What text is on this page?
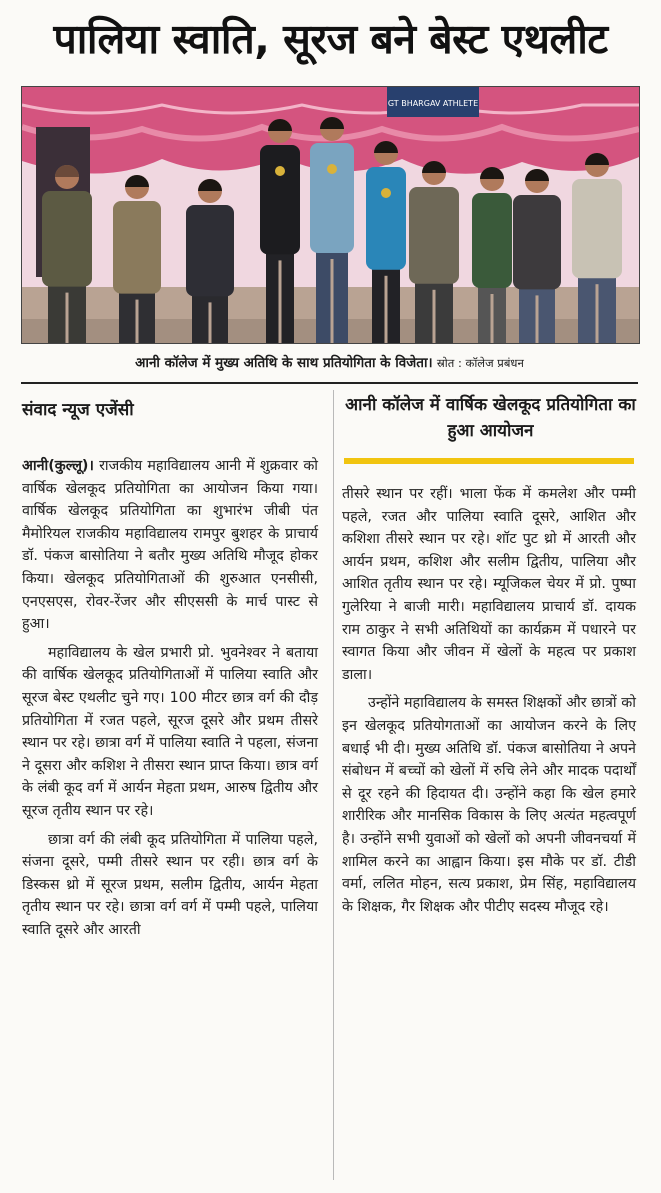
पालिया स्वाति, सूरज बने बेस्ट एथलीट
GT BHARGAV ATHLETE
आनी कॉलेज में मुख्य अतिथि के साथ प्रतियोगिता के विजेता। स्रोत : कॉलेज प्रबंधन
संवाद न्यूज एजेंसी	आनी कॉलेज में वार्षिक खेलकूद प्रतियोगिता का हुआ आयोजन

आनी(कुल्लू)। राजकीय महाविद्यालय आनी में शुक्रवार को वार्षिक खेलकूद प्रतियोगिता का आयोजन किया गया। वार्षिक खेलकूद प्रतियोगिता का शुभारंभ जीबी पंत मैमोरियल राजकीय महाविद्यालय रामपुर बुशहर के प्राचार्य डॉ. पंकज बासोतिया ने बतौर मुख्य अतिथि मौजूद होकर किया। खेलकूद प्रतियोगिताओं की शुरुआत एनसीसी, एनएसएस, रोवर-रेंजर और सीएससी के मार्च पास्ट से हुआ।

महाविद्यालय के खेल प्रभारी प्रो. भुवनेश्वर ने बताया की वार्षिक खेलकूद प्रतियोगिताओं में पालिया स्वाति और सूरज बेस्ट एथलीट चुने गए। 100 मीटर छात्र वर्ग की दौड़ प्रतियोगिता में रजत पहले, सूरज दूसरे और प्रथम तीसरे स्थान पर रहे। छात्रा वर्ग में पालिया स्वाति ने पहला, संजना ने दूसरा और कशिश ने तीसरा स्थान प्राप्त किया। छात्र वर्ग के लंबी कूद वर्ग में आर्यन मेहता प्रथम, आरुष द्वितीय और सूरज तृतीय स्थान पर रहे।

छात्रा वर्ग की लंबी कूद प्रतियोगिता में पालिया पहले, संजना दूसरे, पम्मी तीसरे स्थान पर रही। छात्र वर्ग के डिस्कस थ्रो में सूरज प्रथम, सलीम द्वितीय, आर्यन मेहता तृतीय स्थान पर रहे। छात्रा वर्ग वर्ग में पम्मी पहले, पालिया स्वाति दूसरे और आरती

तीसरे स्थान पर रहीं। भाला फेंक में कमलेश और पम्मी पहले, रजत और पालिया स्वाति दूसरे, आशित और कशिशा तीसरे स्थान पर रहे। शॉट पुट थ्रो में आरती और आर्यन प्रथम, कशिश और सलीम द्वितीय, पालिया और आशित तृतीय स्थान पर रहे। म्यूजिकल चेयर में प्रो. पुष्पा गुलेरिया ने बाजी मारी। महाविद्यालय प्राचार्य डॉ. दायक राम ठाकुर ने सभी अतिथियों का कार्यक्रम में पधारने पर स्वागत किया और जीवन में खेलों के महत्व पर प्रकाश डाला।

उन्होंने महाविद्यालय के समस्त शिक्षकों और छात्रों को इन खेलकूद प्रतियोगताओं का आयोजन करने के लिए बधाई भी दी। मुख्य अतिथि डॉ. पंकज बासोतिया ने अपने संबोधन में बच्चों को खेलों में रुचि लेने और मादक पदार्थों से दूर रहने की हिदायत दी। उन्होंने कहा कि खेल हमारे शारीरिक और मानसिक विकास के लिए अत्यंत महत्वपूर्ण है। उन्होंने सभी युवाओं को खेलों को अपनी जीवनचर्या में शामिल करने का आह्वान किया। इस मौके पर डॉ. टीडी वर्मा, ललित मोहन, सत्य प्रकाश, प्रेम सिंह, महाविद्यालय के शिक्षक, गैर शिक्षक और पीटीए सदस्य मौजूद रहे।
